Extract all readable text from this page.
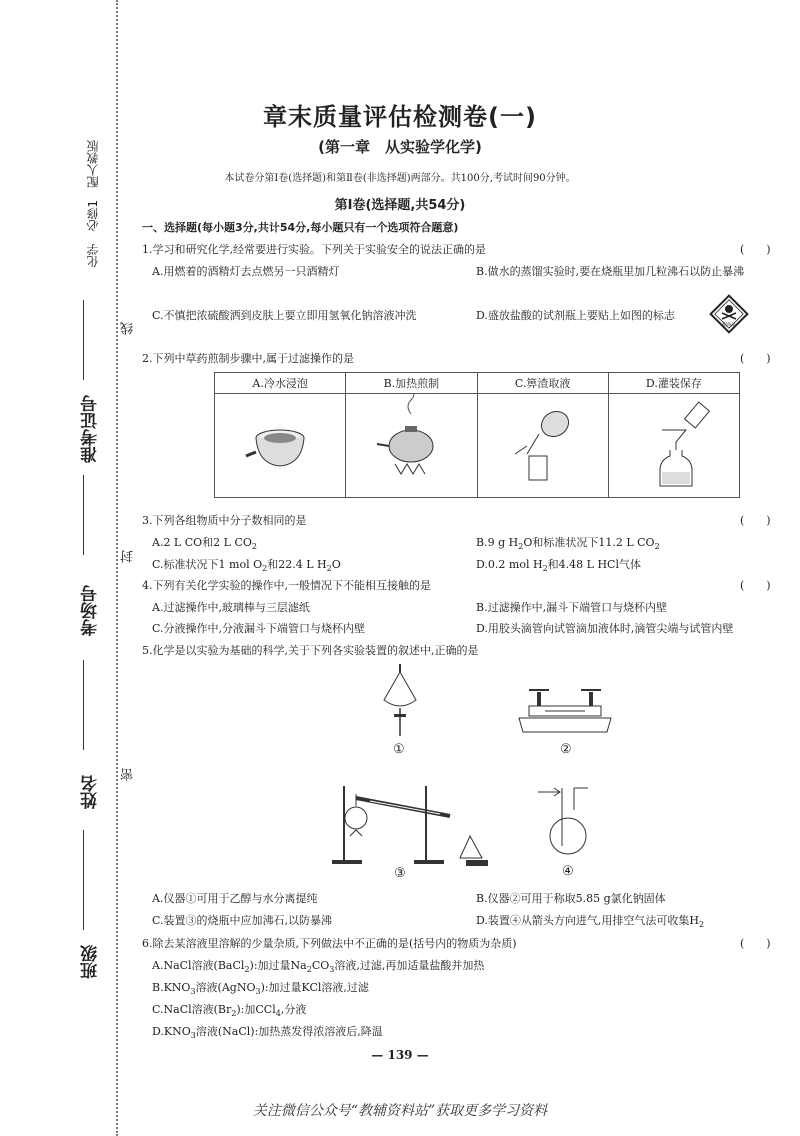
化学　必修1　配人教版
准考证号
考场号
姓名
班级
线
封
密
章末质量评估检测卷(一)
(第一章　从实验学化学)
本试卷分第Ⅰ卷(选择题)和第Ⅱ卷(非选择题)两部分。共100分,考试时间90分钟。
第Ⅰ卷(选择题,共54分)
一、选择题(每小题3分,共计54分,每小题只有一个选项符合题意)
1.学习和研究化学,经常要进行实验。下列关于实验安全的说法正确的是	(　　)
A.用燃着的酒精灯去点燃另一只酒精灯	B.做水的蒸馏实验时,要在烧瓶里加几粒沸石以防止暴沸
C.不慎把浓硫酸洒到皮肤上要立即用氢氧化钠溶液冲洗	D.盛放盐酸的试剂瓶上要贴上如图的标志
剧毒品
2.下列中草药煎制步骤中,属于过滤操作的是	(　　)
A.冷水浸泡	B.加热煎制	C.箅渣取液	D.灌装保存

3.下列各组物质中分子数相同的是	(　　)
A.2 L CO和2 L $CO_2$	B.9 g $H_2O$和标准状况下11.2 L $CO_2$
C.标准状况下1 mol $O_2$和22.4 L $H_2O$	D.0.2 mol $H_2$和4.48 L HCl气体
4.下列有关化学实验的操作中,一般情况下不能相互接触的是	(　　)
A.过滤操作中,玻璃棒与三层滤纸	B.过滤操作中,漏斗下端管口与烧杯内壁
C.分液操作中,分液漏斗下端管口与烧杯内壁	D.用胶头滴管向试管滴加液体时,滴管尖端与试管内壁
5.化学是以实验为基础的科学,关于下列各实验装置的叙述中,正确的是
①	②
③	④
A.仪器①可用于乙醇与水分离提纯	B.仪器②可用于称取5.85 g氯化钠固体
C.装置③的烧瓶中应加沸石,以防暴沸	D.装置④从箭头方向进气,用排空气法可收集$H_2$
6.除去某溶液里溶解的少量杂质,下列做法中不正确的是(括号内的物质为杂质)	(　　)
A.NaCl溶液(BaCl$_2$):加过量$Na_2CO_3$溶液,过滤,再加适量盐酸并加热
$B.KNO_3$溶液(AgNO$_3$):加过量KCl溶液,过滤
C.NaCl溶液$(Br_2)$:加CCl$_4$,分液
$D.KNO_3$溶液(NaCl):加热蒸发得浓溶液后,降温
— 139 —
关注微信公众号“教辅资料站”获取更多学习资料
